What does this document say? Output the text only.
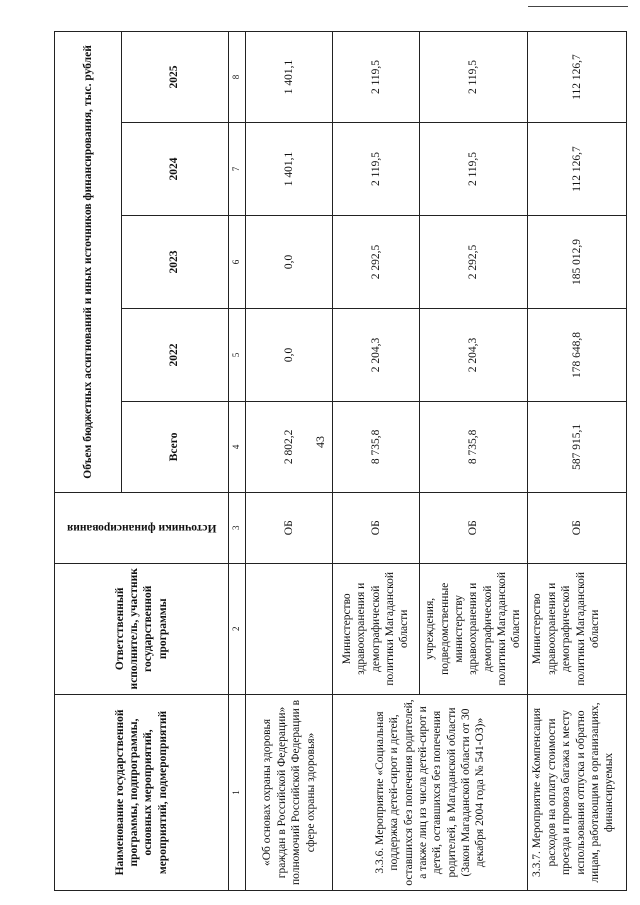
43
Наименование государственной программы, подпрограммы, основных мероприятий, мероприятий, подмероприятий	Ответственный исполнитель, участник государственной программы	Источники финансирования	Объем бюджетных ассигнований и иных источников финансирования, тыс. рублей				
			Всего	2022	2023	2024	2025
1	2	3	4	5	6	7	8
«Об основах охраны здоровья граждан в Российской Федерации» полномочий Российской Федерации в сфере охраны здоровья»		ОБ	2 802,2	0,0	0,0	1 401,1	1 401,1
3.3.6. Мероприятие «Социальная поддержка детей-сирот и детей, оставшихся без попечения родителей, а также лиц из числа детей-сирот и детей, оставшихся без попечения родителей, в Магаданской области (Закон Магаданской области от 30 декабря 2004 года № 541-ОЗ)»	Министерство здравоохранения и демографической политики Магаданской области	ОБ	8 735,8	2 204,3	2 292,5	2 119,5	2 119,5
	учреждения, подведомственные министерству здравоохранения и демографической политики Магаданской области	ОБ	8 735,8	2 204,3	2 292,5	2 119,5	2 119,5
3.3.7. Мероприятие «Компенсация расходов на оплату стоимости проезда и провоза багажа к месту использования отпуска и обратно лицам, работающим в организациях, финансируемых	Министерство здравоохранения и демографической политики Магаданской области	ОБ	587 915,1	178 648,8	185 012,9	112 126,7	112 126,7
